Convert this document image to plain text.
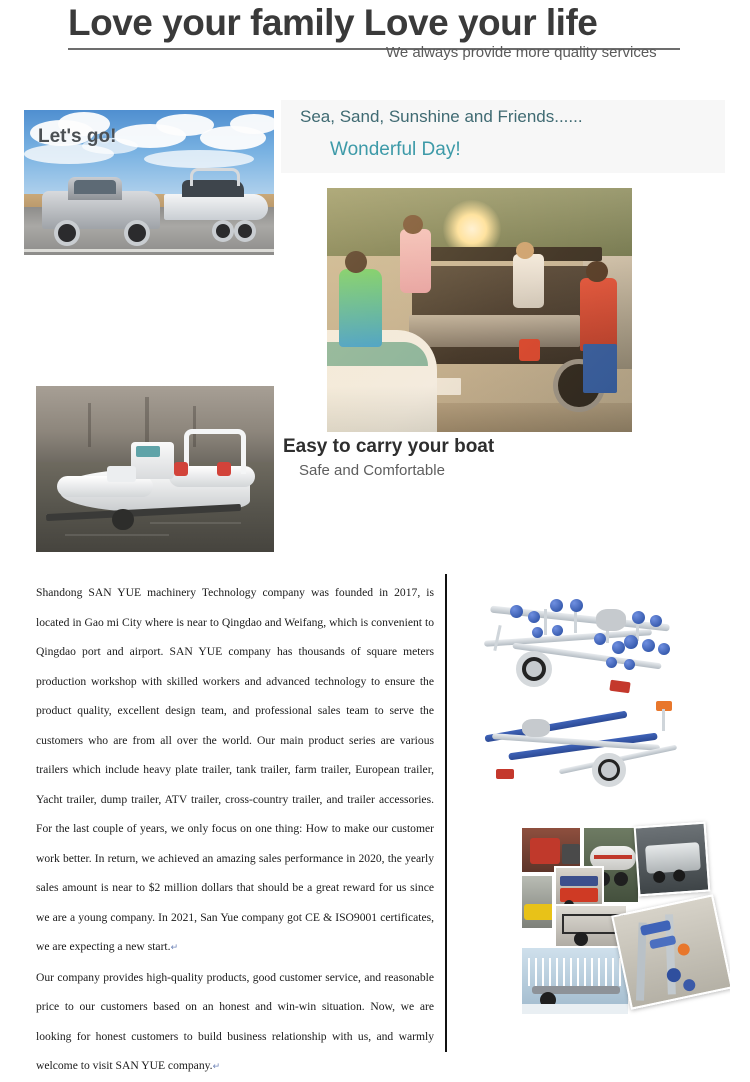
Love your family Love your life
We always provide more quality services
Sea, Sand, Sunshine and Friends......
Wonderful Day!
Let's go!
Easy to carry your boat
Safe and Comfortable

Shandong SAN YUE machinery Technology company was founded in 2017, is located in Gao mi City where is near to Qingdao and Weifang, which is convenient to Qingdao port and airport. SAN YUE company has thousands of square meters production workshop with skilled workers and advanced technology to ensure the product quality, excellent design team, and professional sales team to serve the customers who are from all over the world. Our main product series are various trailers which include heavy plate trailer, tank trailer, farm trailer, European trailer, Yacht trailer, dump trailer, ATV trailer, cross-country trailer, and trailer accessories. For the last couple of years, we only focus on one thing: How to make our customer work better. In return, we achieved an amazing sales performance in 2020, the yearly sales amount is near to $2 million dollars that should be a great reward for us since we are a young company. In 2021, San Yue company got CE & ISO9001 certificates, we are expecting a new start.↵

Our company provides high-quality products, good customer service, and reasonable price to our customers based on an honest and win-win situation. Now, we are looking for honest customers to build business relationship with us, and warmly welcome to visit SAN YUE company.↵
